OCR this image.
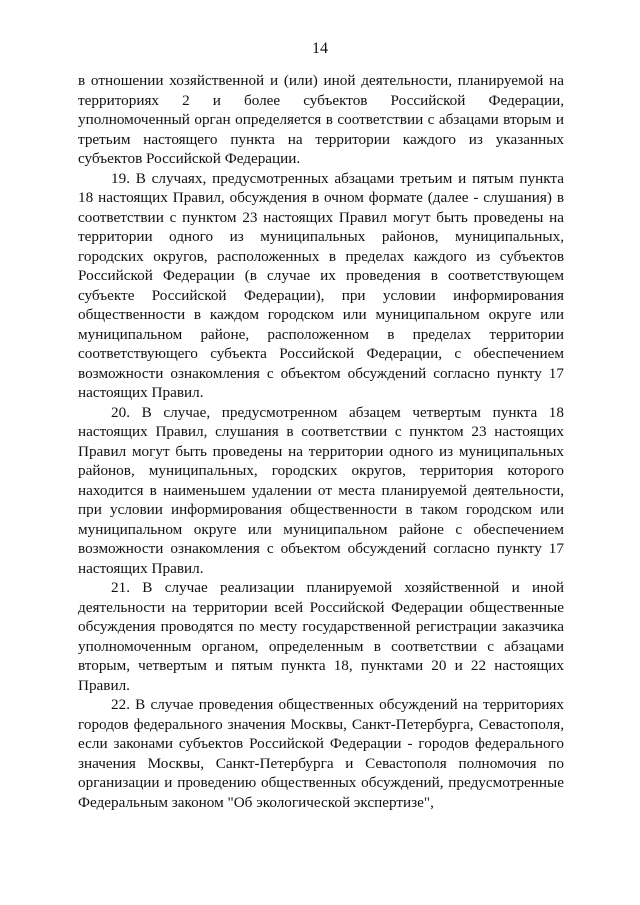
14

в отношении хозяйственной и (или) иной деятельности, планируемой на территориях 2 и более субъектов Российской Федерации, уполномоченный орган определяется в соответствии с абзацами вторым и третьим настоящего пункта на территории каждого из указанных субъектов Российской Федерации.

19. В случаях, предусмотренных абзацами третьим и пятым пункта 18 настоящих Правил, обсуждения в очном формате (далее - слушания) в соответствии с пунктом 23 настоящих Правил могут быть проведены на территории одного из муниципальных районов, муниципальных, городских округов, расположенных в пределах каждого из субъектов Российской Федерации (в случае их проведения в соответствующем субъекте Российской Федерации), при условии информирования общественности в каждом городском или муниципальном округе или муниципальном районе, расположенном в пределах территории соответствующего субъекта Российской Федерации, с обеспечением возможности ознакомления с объектом обсуждений согласно пункту 17 настоящих Правил.

20. В случае, предусмотренном абзацем четвертым пункта 18 настоящих Правил, слушания в соответствии с пунктом 23 настоящих Правил могут быть проведены на территории одного из муниципальных районов, муниципальных, городских округов, территория которого находится в наименьшем удалении от места планируемой деятельности, при условии информирования общественности в таком городском или муниципальном округе или муниципальном районе с обеспечением возможности ознакомления с объектом обсуждений согласно пункту 17 настоящих Правил.

21. В случае реализации планируемой хозяйственной и иной деятельности на территории всей Российской Федерации общественные обсуждения проводятся по месту государственной регистрации заказчика уполномоченным органом, определенным в соответствии с абзацами вторым, четвертым и пятым пункта 18, пунктами 20 и 22 настоящих Правил.

22. В случае проведения общественных обсуждений на территориях городов федерального значения Москвы, Санкт-Петербурга, Севастополя, если законами субъектов Российской Федерации - городов федерального значения Москвы, Санкт-Петербурга и Севастополя полномочия по организации и проведению общественных обсуждений, предусмотренные Федеральным законом "Об экологической экспертизе",
